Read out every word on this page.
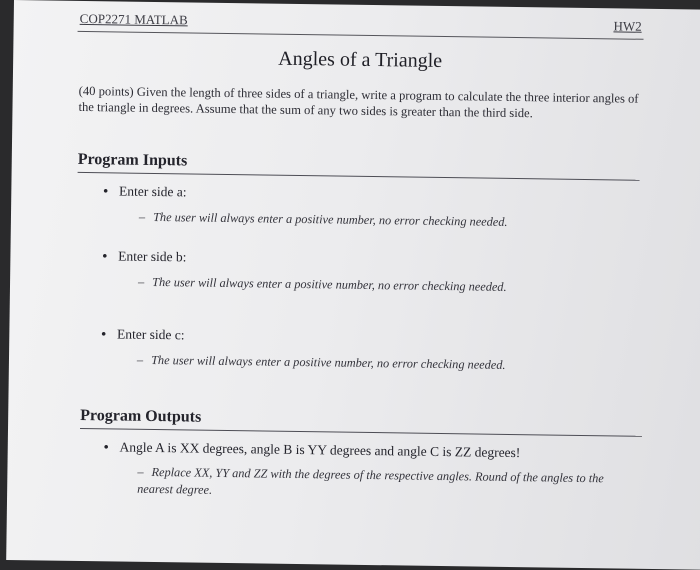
COP2271 MATLAB	HW2
Angles of a Triangle
(40 points) Given the length of three sides of a triangle, write a program to calculate the three interior angles of the triangle in degrees. Assume that the sum of any two sides is greater than the third side.
Program Inputs
• Enter side a:
– The user will always enter a positive number, no error checking needed.
• Enter side b:
– The user will always enter a positive number, no error checking needed.
• Enter side c:
– The user will always enter a positive number, no error checking needed.
Program Outputs
• Angle A is XX degrees, angle B is YY degrees and angle C is ZZ degrees!
– Replace XX, YY and ZZ with the degrees of the respective angles. Round of the angles to the nearest degree.
